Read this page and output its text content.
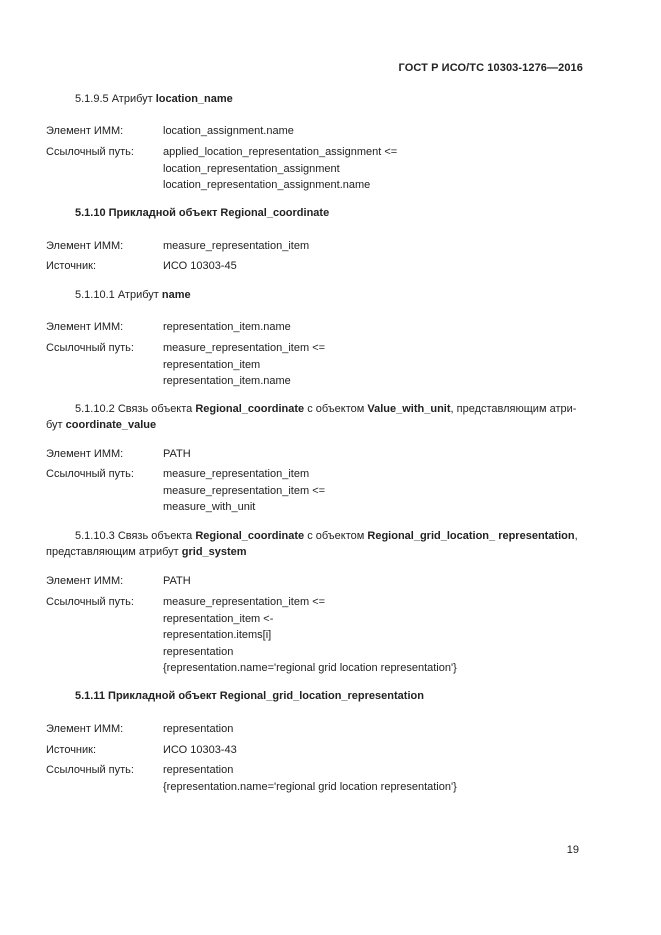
ГОСТ Р ИСО/ТС 10303-1276—2016
5.1.9.5 Атрибут location_name
Элемент ИММ:	location_assignment.name
Ссылочный путь:	applied_location_representation_assignment <=
location_representation_assignment
location_representation_assignment.name
5.1.10 Прикладной объект Regional_coordinate
Элемент ИММ:	measure_representation_item
Источник:	ИСО 10303-45
5.1.10.1 Атрибут name
Элемент ИММ:	representation_item.name
Ссылочный путь:	measure_representation_item <=
representation_item
representation_item.name
5.1.10.2 Связь объекта Regional_coordinate с объектом Value_with_unit, представляющим атри-бут coordinate_value
Элемент ИММ:	PATH
Ссылочный путь:	measure_representation_item
measure_representation_item <=
measure_with_unit
5.1.10.3 Связь объекта Regional_coordinate с объектом Regional_grid_location_ representation, представляющим атрибут grid_system
Элемент ИММ:	PATH
Ссылочный путь:	measure_representation_item <=
representation_item <-
representation.items[i]
representation
{representation.name='regional grid location representation'}
5.1.11 Прикладной объект Regional_grid_location_representation
Элемент ИММ:	representation
Источник:	ИСО 10303-43
Ссылочный путь:	representation
{representation.name='regional grid location representation'}
19
